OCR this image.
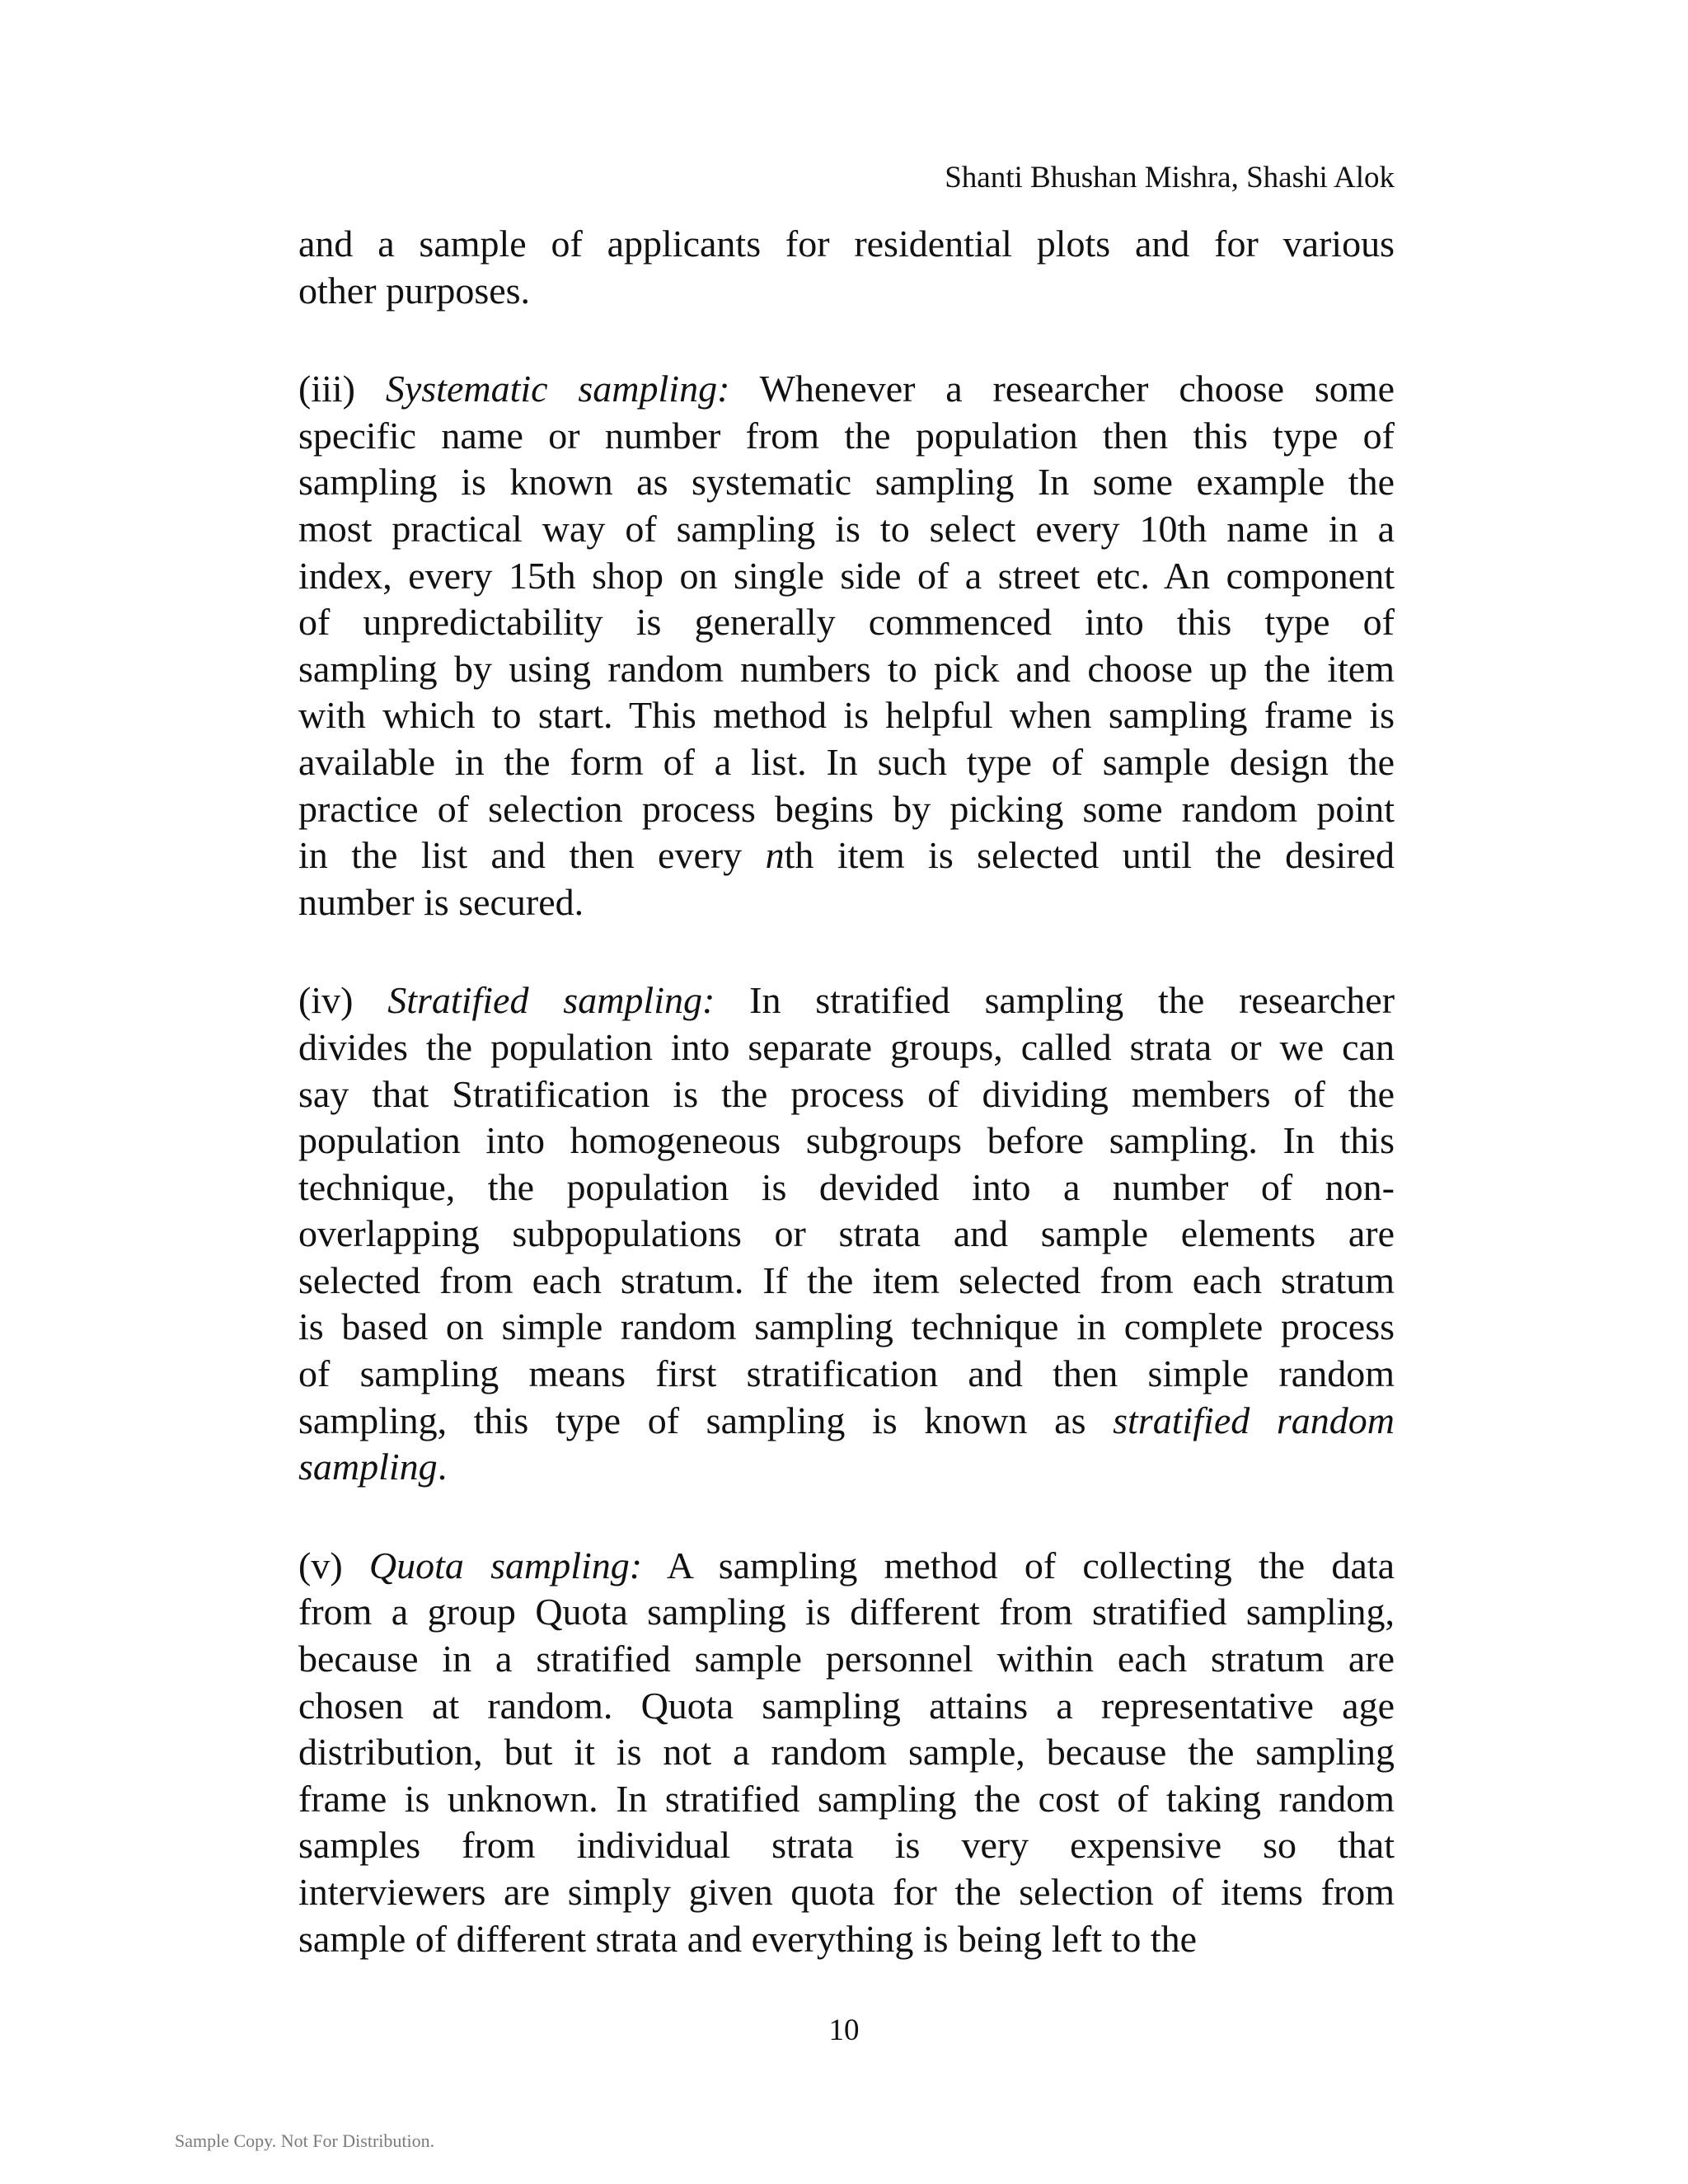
Shanti Bhushan Mishra, Shashi Alok

and a sample of applicants for residential plots and for various
other purposes.

(iii) Systematic sampling: Whenever a researcher choose some
specific name or number from the population then this type of
sampling is known as systematic sampling In some example the
most practical way of sampling is to select every 10th name in a
index, every 15th shop on single side of a street etc. An component
of unpredictability is generally commenced into this type of
sampling by using random numbers to pick and choose up the item
with which to start. This method is helpful when sampling frame is
available in the form of a list. In such type of sample design the
practice of selection process begins by picking some random point
in the list and then every nth item is selected until the desired
number is secured.

(iv) Stratified sampling: In stratified sampling the researcher
divides the population into separate groups, called strata or we can
say that Stratification is the process of dividing members of the
population into homogeneous subgroups before sampling. In this
technique, the population is devided into a number of non-
overlapping subpopulations or strata and sample elements are
selected from each stratum. If the item selected from each stratum
is based on simple random sampling technique in complete process
of sampling means first stratification and then simple random
sampling, this type of sampling is known as stratified random
sampling.

(v) Quota sampling: A sampling method of collecting the data
from a group Quota sampling is different from stratified sampling,
because in a stratified sample personnel within each stratum are
chosen at random. Quota sampling attains a representative age
distribution, but it is not a random sample, because the sampling
frame is unknown. In stratified sampling the cost of taking random
samples from individual strata is very expensive so that
interviewers are simply given quota for the selection of items from
sample of different strata and everything is being left to the

10
Sample Copy. Not For Distribution.
